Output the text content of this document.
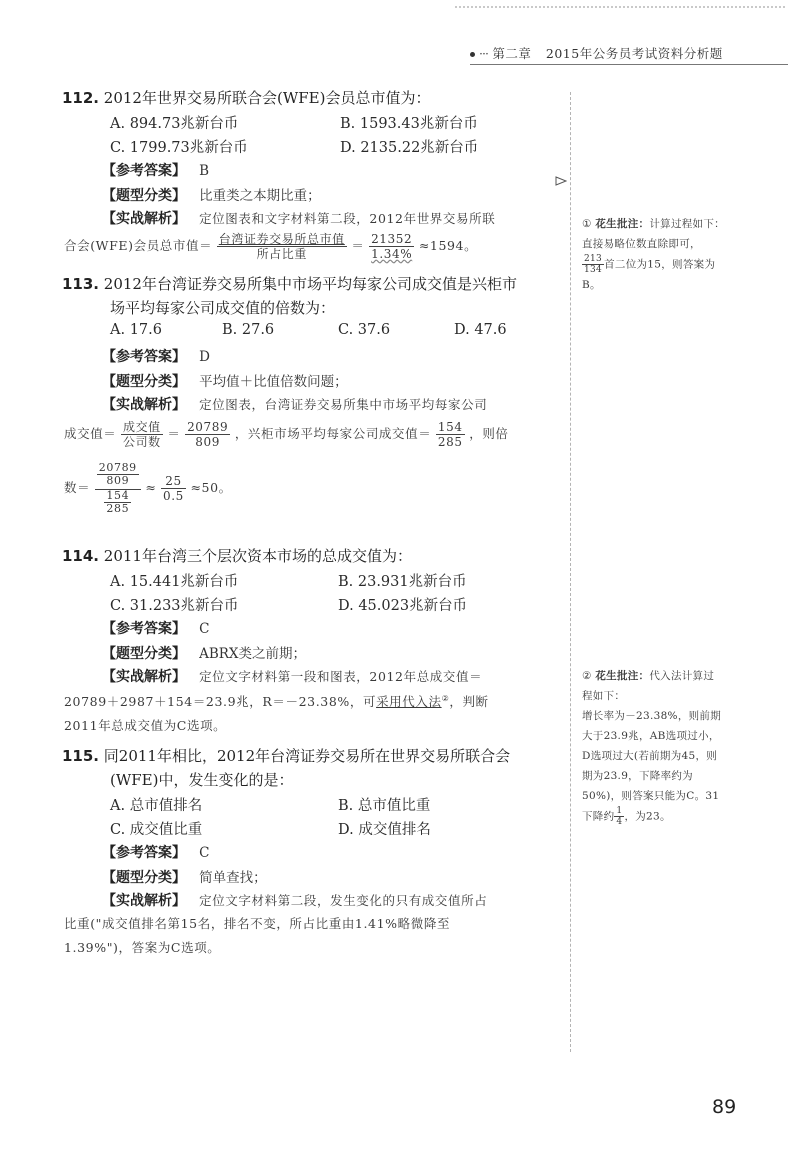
··· 第二章 2015年公务员考试资料分析题
112. 2012年世界交易所联合会(WFE)会员总市值为：
A. 894.73兆新台币	B. 1593.43兆新台币
C. 1799.73兆新台币	D. 2135.22兆新台币
【参考答案】 B
【题型分类】 比重类之本期比重；
【实战解析】 定位图表和文字材料第二段，2012年世界交易所联
合会(WFE)会员总市值＝ $\frac{\text{台湾证券交易所总市值}}{\text{所占比重}} = \frac{21352}{1.34\%} \approx 1594$。
113. 2012年台湾证券交易所集中市场平均每家公司成交值是兴柜市
场平均每家公司成交值的倍数为：
A. 17.6	B. 27.6	C. 37.6	D. 47.6
【参考答案】 D
【题型分类】 平均值＋比值倍数问题；
【实战解析】 定位图表，台湾证券交易所集中市场平均每家公司
成交值＝ $\frac{\text{成交值}}{\text{公司数}} = \frac{20789}{809}$ ，兴柜市场平均每家公司成交值＝ $\frac{154}{285}$ ，则倍
数＝ $\frac{\frac{20789}{809}}{\frac{154}{285}} \approx \frac{25}{0.5} \approx 50$。
114. 2011年台湾三个层次资本市场的总成交值为：
A. 15.441兆新台币	B. 23.931兆新台币
C. 31.233兆新台币	D. 45.023兆新台币
【参考答案】 C
【题型分类】 ABRX类之前期；
【实战解析】 定位文字材料第一段和图表，2012年总成交值＝
20789＋2987＋154＝23.9兆，R＝－23.38%，可采用代入法②，判断
2011年总成交值为C选项。
115. 同2011年相比，2012年台湾证券交易所在世界交易所联合会
(WFE)中，发生变化的是：
A. 总市值排名	B. 总市值比重
C. 成交值比重	D. 成交值排名
【参考答案】 C
【题型分类】 简单查找；
【实战解析】 定位文字材料第二段，发生变化的只有成交值所占
比重("成交值排名第15名，排名不变，所占比重由1.41%略微降至
1.39%")，答案为C选项。
① 花生批注：计算过程如下：
直接易略位数直除即可，
$\frac{213}{134}$ 首二位为15，则答案为
B。
② 花生批注：代入法计算过
程如下：
增长率为－23.38%，则前期
大于23.9兆，AB选项过小，
D选项过大(若前期为45，则
期为23.9，下降率约为
50%)，则答案只能为C。31
下降约 $\frac{1}{4}$ ，为23。
89
